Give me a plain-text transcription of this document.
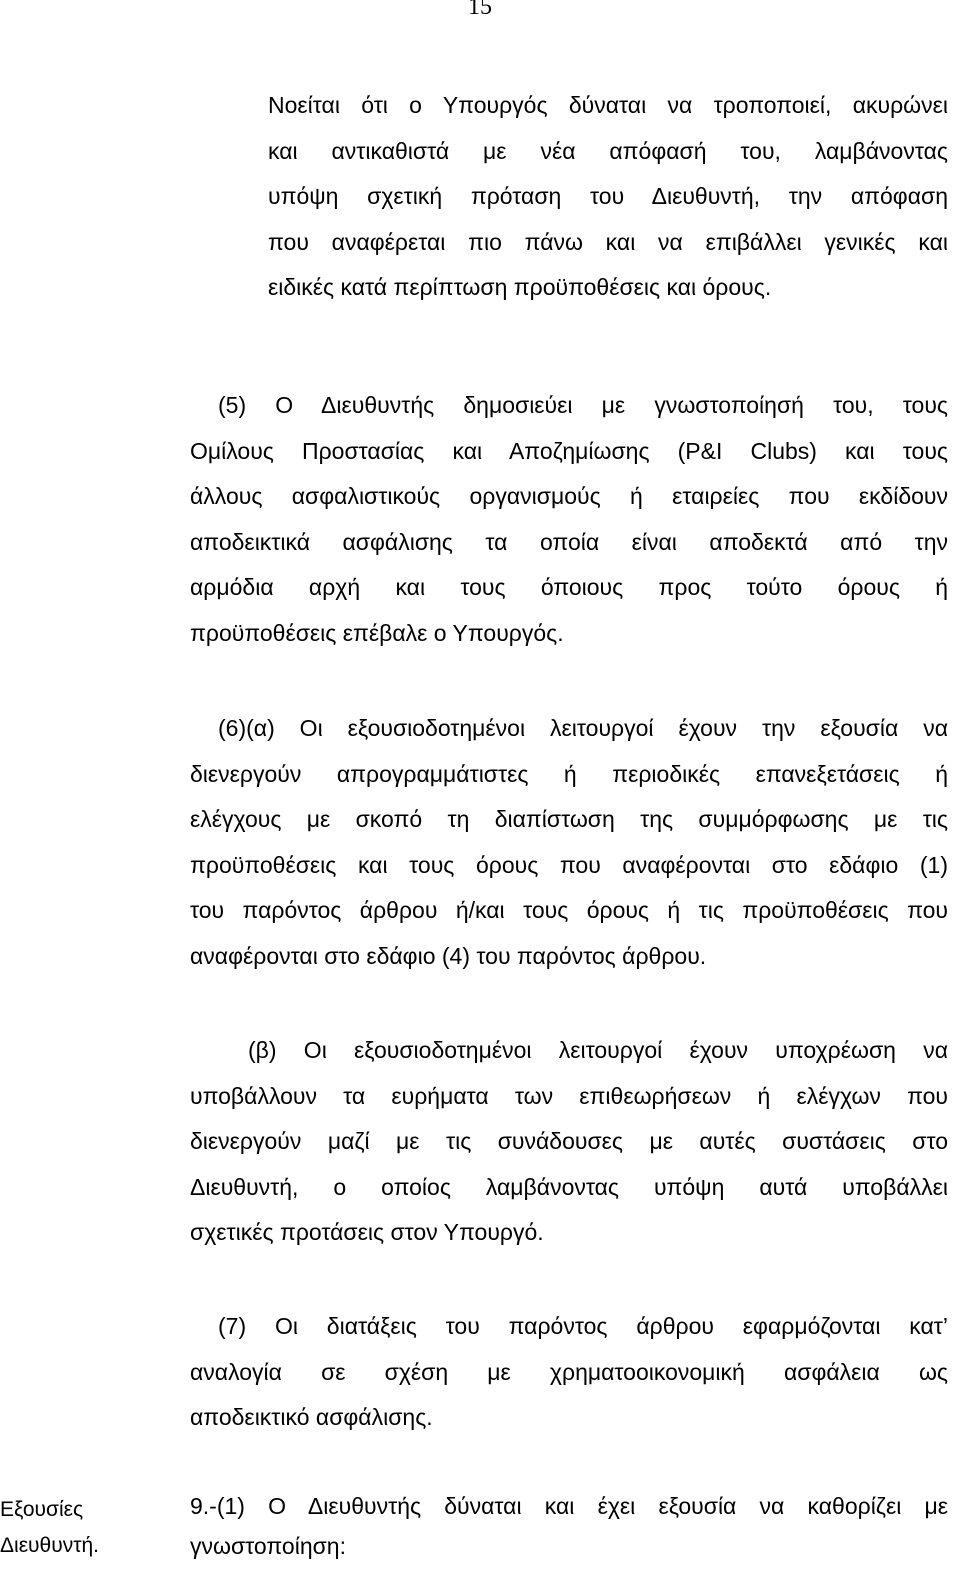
15
Νοείται ότι ο Υπουργός δύναται να τροποποιεί, ακυρώνει
και αντικαθιστά με νέα απόφασή του, λαμβάνοντας
υπόψη σχετική πρόταση του Διευθυντή, την απόφαση
που αναφέρεται πιο πάνω και να επιβάλλει γενικές και
ειδικές κατά περίπτωση προϋποθέσεις και όρους.
(5) Ο Διευθυντής δημοσιεύει με γνωστοποίησή του, τους
Ομίλους Προστασίας και Αποζημίωσης (P&I Clubs) και τους
άλλους ασφαλιστικούς οργανισμούς ή εταιρείες που εκδίδουν
αποδεικτικά ασφάλισης τα οποία είναι αποδεκτά από την
αρμόδια αρχή και τους όποιους προς τούτο όρους ή
προϋποθέσεις επέβαλε ο Υπουργός.
(6)(α) Οι εξουσιοδοτημένοι λειτουργοί έχουν την εξουσία να
διενεργούν απρογραμμάτιστες ή περιοδικές επανεξετάσεις ή
ελέγχους με σκοπό τη διαπίστωση της συμμόρφωσης με τις
προϋποθέσεις και τους όρους που αναφέρονται στο εδάφιο (1)
του παρόντος άρθρου ή/και τους όρους ή τις προϋποθέσεις που
αναφέρονται στο εδάφιο (4) του παρόντος άρθρου.
(β) Οι εξουσιοδοτημένοι λειτουργοί έχουν υποχρέωση να
υποβάλλουν τα ευρήματα των επιθεωρήσεων ή ελέγχων που
διενεργούν μαζί με τις συνάδουσες με αυτές συστάσεις στο
Διευθυντή, ο οποίος λαμβάνοντας υπόψη αυτά υποβάλλει
σχετικές προτάσεις στον Υπουργό.
(7) Οι διατάξεις του παρόντος άρθρου εφαρμόζονται κατ’
αναλογία σε σχέση με χρηματοοικονομική ασφάλεια ως
αποδεικτικό ασφάλισης.
Εξουσίες
Διευθυντή.
9.-(1) Ο Διευθυντής δύναται και έχει εξουσία να καθορίζει με
γνωστοποίηση:
